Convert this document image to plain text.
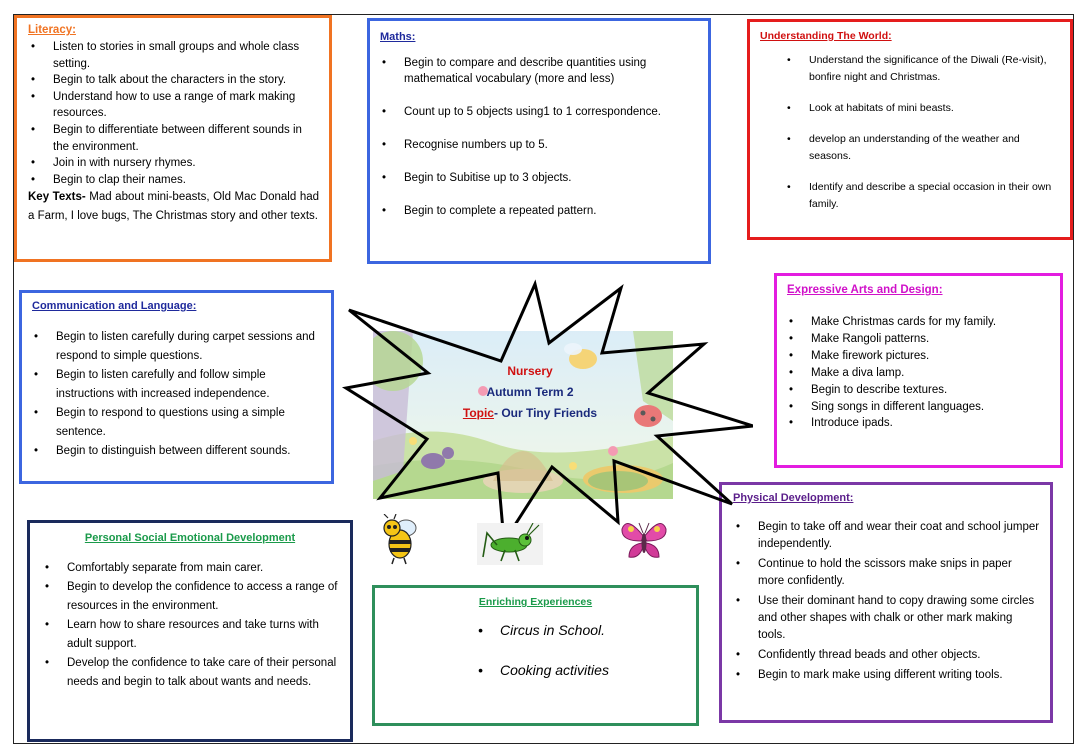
Literacy:
• Listen to stories in small groups and whole class setting.
• Begin to talk about the characters in the story.
• Understand how to use a range of mark making resources.
• Begin to differentiate between different sounds in the environment.
• Join in with nursery rhymes.
• Begin to clap their names.
Key Texts- Mad about mini-beasts, Old Mac Donald had a Farm, I love bugs, The Christmas story and other texts.
Maths:
• Begin to compare and describe quantities using mathematical vocabulary (more and less)
• Count up to 5 objects using1 to 1 correspondence.
• Recognise numbers up to 5.
• Begin to Subitise up to 3 objects.
• Begin to complete a repeated pattern.
Understanding The World:
• Understand the significance of the Diwali (Re-visit), bonfire night and Christmas.
• Look at habitats of mini beasts.
• develop an understanding of the weather and seasons.
• Identify and describe a special occasion in their own family.
Communication and Language:
• Begin to listen carefully during carpet sessions and respond to simple questions.
• Begin to listen carefully and follow simple instructions with increased independence.
• Begin to respond to questions using a simple sentence.
• Begin to distinguish between different sounds.
Expressive Arts and Design:
• Make Christmas cards for my family.
• Make Rangoli patterns.
• Make firework pictures.
• Make a diva lamp.
• Begin to describe textures.
• Sing songs in different languages.
• Introduce ipads.
Physical Development:
• Begin to take off and wear their coat and school jumper independently.
• Continue to hold the scissors make snips in paper more confidently.
• Use their dominant hand to copy drawing some circles and other shapes with chalk or other mark making tools.
• Confidently thread beads and other objects.
• Begin to mark make using different writing tools.
Personal Social Emotional Development
• Comfortably separate from main carer.
• Begin to develop the confidence to access a range of resources in the environment.
• Learn how to share resources and take turns with adult support.
• Develop the confidence to take care of their personal needs and begin to talk about wants and needs.
Enriching Experiences
• Circus in School.
• Cooking activities
Nursery
Autumn Term 2
Topic- Our Tiny Friends
